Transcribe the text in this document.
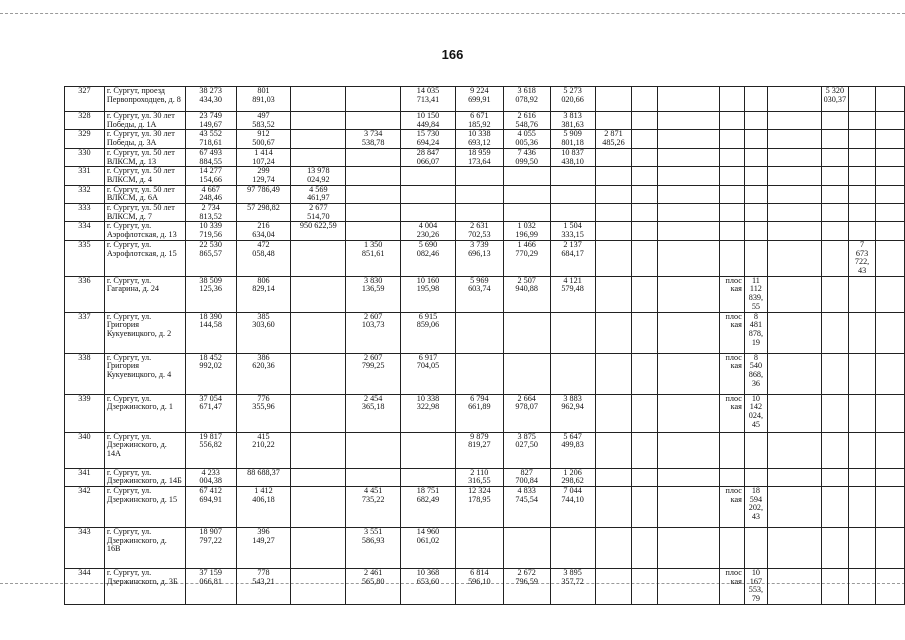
166
327	г. Сургут, проезд
Первопроходцев, д. 8	38 273
434,30	801
891,03			14 035
713,41	9 224
699,91	3 618
078,92	5 273
020,66							5 320
030,37		
328	г. Сургут, ул. 30 лет
Победы, д. 1А	23 749
149,67	497
583,52			10 150
449,84	6 671
185,92	2 616
548,76	3 813
381,63									
329	г. Сургут, ул. 30 лет
Победы, д. 3А	43 552
718,61	912
500,67		3 734
538,78	15 730
694,24	10 338
693,12	4 055
005,36	5 909
801,18	2 871
485,26								
330	г. Сургут, ул. 50 лет
ВЛКСМ, д. 13	67 493
884,55	1 414
107,24			28 847
066,07	18 959
173,64	7 436
099,50	10 837
438,10									
331	г. Сургут, ул. 50 лет
ВЛКСМ, д. 4	14 277
154,66	299
129,74	13 978
024,92														
332	г. Сургут, ул. 50 лет
ВЛКСМ, д. 6А	4 667
248,46	97 786,49	4 569
461,97														
333	г. Сургут, ул. 50 лет
ВЛКСМ, д. 7	2 734
813,52	57 298,82	2 677
514,70														
334	г. Сургут, ул.
Аэрофлотская, д. 13	10 339
719,56	216
634,04	950 622,59		4 004
230,26	2 631
702,53	1 032
196,99	1 504
333,15									
335	г. Сургут, ул.
Аэрофлотская, д. 15	22 530
865,57	472
058,48		1 350
851,61	5 690
082,46	3 739
696,13	1 466
770,29	2 137
684,17								7
673
722,
43	
336	г. Сургут, ул.
Гагарина, д. 24	38 509
125,36	806
829,14		3 830
136,59	10 160
195,98	5 969
603,74	2 507
940,88	4 121
579,48				плос
кая	11
112
839,
55				
337	г. Сургут, ул.
Григория
Кукуевицкого, д. 2	18 390
144,58	385
303,60		2 607
103,73	6 915
859,06							плос
кая	8
481
878,
19				
338	г. Сургут, ул.
Григория
Кукуевицкого, д. 4	18 452
992,02	386
620,36		2 607
799,25	6 917
704,05							плос
кая	8
540
868,
36				
339	г. Сургут, ул.
Дзержинского, д. 1	37 054
671,47	776
355,96		2 454
365,18	10 338
322,98	6 794
661,89	2 664
978,07	3 883
962,94				плос
кая	10
142
024,
45				
340	г. Сургут, ул.
Дзержинского, д.
14А	19 817
556,82	415
210,22				9 879
819,27	3 875
027,50	5 647
499,83									
341	г. Сургут, ул.
Дзержинского, д. 14Б	4 233
004,38	88 688,37				2 110
316,55	827
700,84	1 206
298,62									
342	г. Сургут, ул.
Дзержинского, д. 15	67 412
694,91	1 412
406,18		4 451
735,22	18 751
682,49	12 324
178,95	4 833
745,54	7 044
744,10				плос
кая	18
594
202,
43				
343	г. Сургут, ул.
Дзержинского, д.
16В	18 907
797,22	396
149,27		3 551
586,93	14 960
061,02												
344	г. Сургут, ул.
Дзержинского, д. 3Б	37 159
066,81	778
543,21		2 461
565,80	10 368
653,60	6 814
596,10	2 672
796,59	3 895
357,72				плос
кая	10
167
553,
79				
